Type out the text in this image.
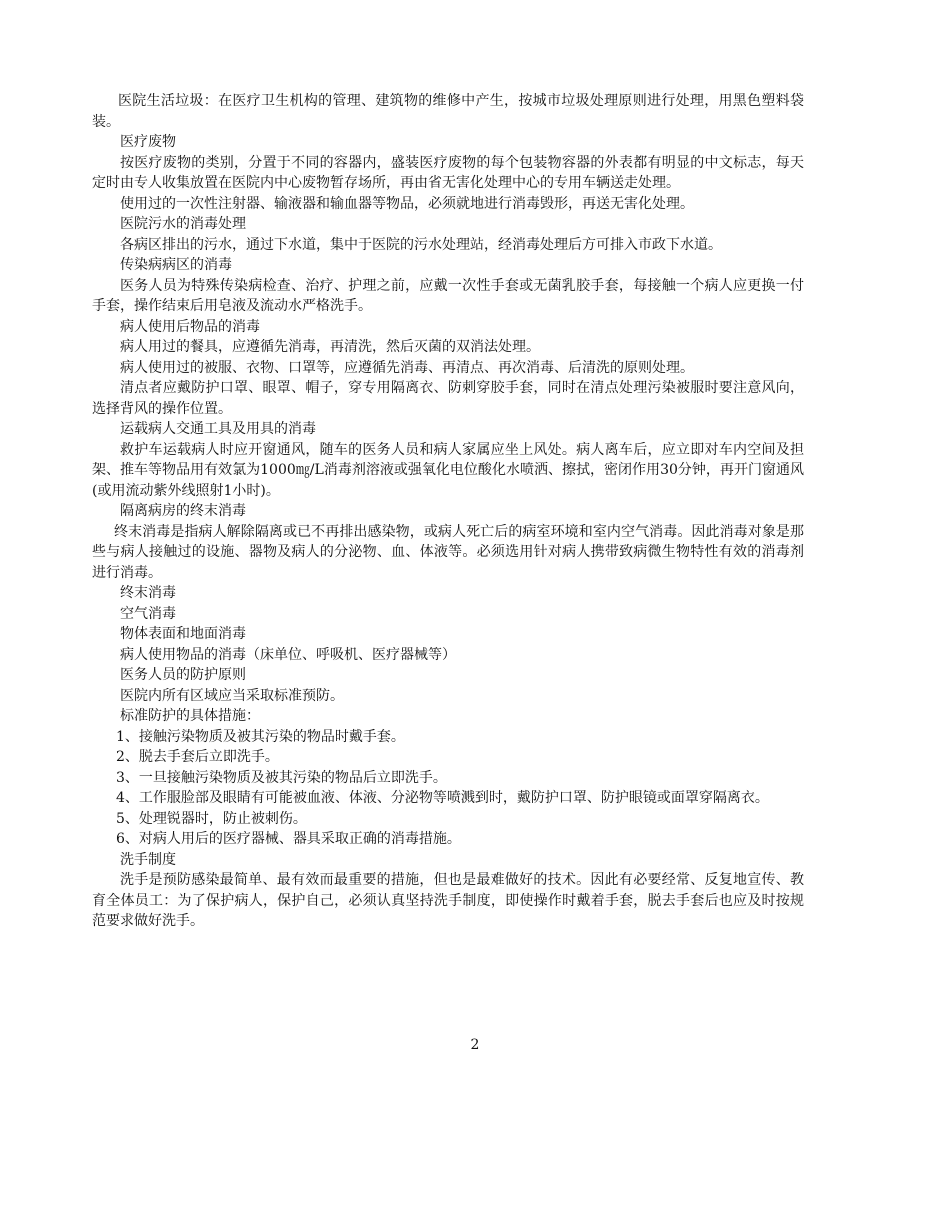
医院生活垃圾：在医疗卫生机构的管理、建筑物的维修中产生，按城市垃圾处理原则进行处理，用黑色塑料袋装。

医疗废物

按医疗废物的类别，分置于不同的容器内，盛装医疗废物的每个包装物容器的外表都有明显的中文标志，每天定时由专人收集放置在医院内中心废物暂存场所，再由省无害化处理中心的专用车辆送走处理。

使用过的一次性注射器、输液器和输血器等物品，必须就地进行消毒毁形，再送无害化处理。

医院污水的消毒处理

各病区排出的污水，通过下水道，集中于医院的污水处理站，经消毒处理后方可排入市政下水道。

传染病病区的消毒

医务人员为特殊传染病检查、治疗、护理之前，应戴一次性手套或无菌乳胶手套，每接触一个病人应更换一付手套，操作结束后用皂液及流动水严格洗手。

病人使用后物品的消毒

病人用过的餐具，应遵循先消毒，再清洗，然后灭菌的双消法处理。

病人使用过的被服、衣物、口罩等，应遵循先消毒、再清点、再次消毒、后清洗的原则处理。

清点者应戴防护口罩、眼罩、帽子，穿专用隔离衣、防刺穿胶手套，同时在清点处理污染被服时要注意风向，选择背风的操作位置。

运载病人交通工具及用具的消毒

救护车运载病人时应开窗通风，随车的医务人员和病人家属应坐上风处。病人离车后，应立即对车内空间及担架、推车等物品用有效氯为1000㎎/L消毒剂溶液或强氧化电位酸化水喷洒、擦拭，密闭作用30分钟，再开门窗通风(或用流动紫外线照射1小时)。

隔离病房的终末消毒

终末消毒是指病人解除隔离或已不再排出感染物，或病人死亡后的病室环境和室内空气消毒。因此消毒对象是那些与病人接触过的设施、器物及病人的分泌物、血、体液等。必须选用针对病人携带致病微生物特性有效的消毒剂进行消毒。

终末消毒

空气消毒

物体表面和地面消毒

病人使用物品的消毒（床单位、呼吸机、医疗器械等）

医务人员的防护原则

医院内所有区域应当采取标准预防。

标准防护的具体措施：

1、接触污染物质及被其污染的物品时戴手套。

2、脱去手套后立即洗手。

3、一旦接触污染物质及被其污染的物品后立即洗手。

4、工作服脸部及眼睛有可能被血液、体液、分泌物等喷溅到时，戴防护口罩、防护眼镜或面罩穿隔离衣。

5、处理锐器时，防止被刺伤。

6、对病人用后的医疗器械、器具采取正确的消毒措施。

洗手制度

洗手是预防感染最简单、最有效而最重要的措施，但也是最难做好的技术。因此有必要经常、反复地宣传、教育全体员工：为了保护病人，保护自己，必须认真坚持洗手制度，即使操作时戴着手套，脱去手套后也应及时按规范要求做好洗手。

2
